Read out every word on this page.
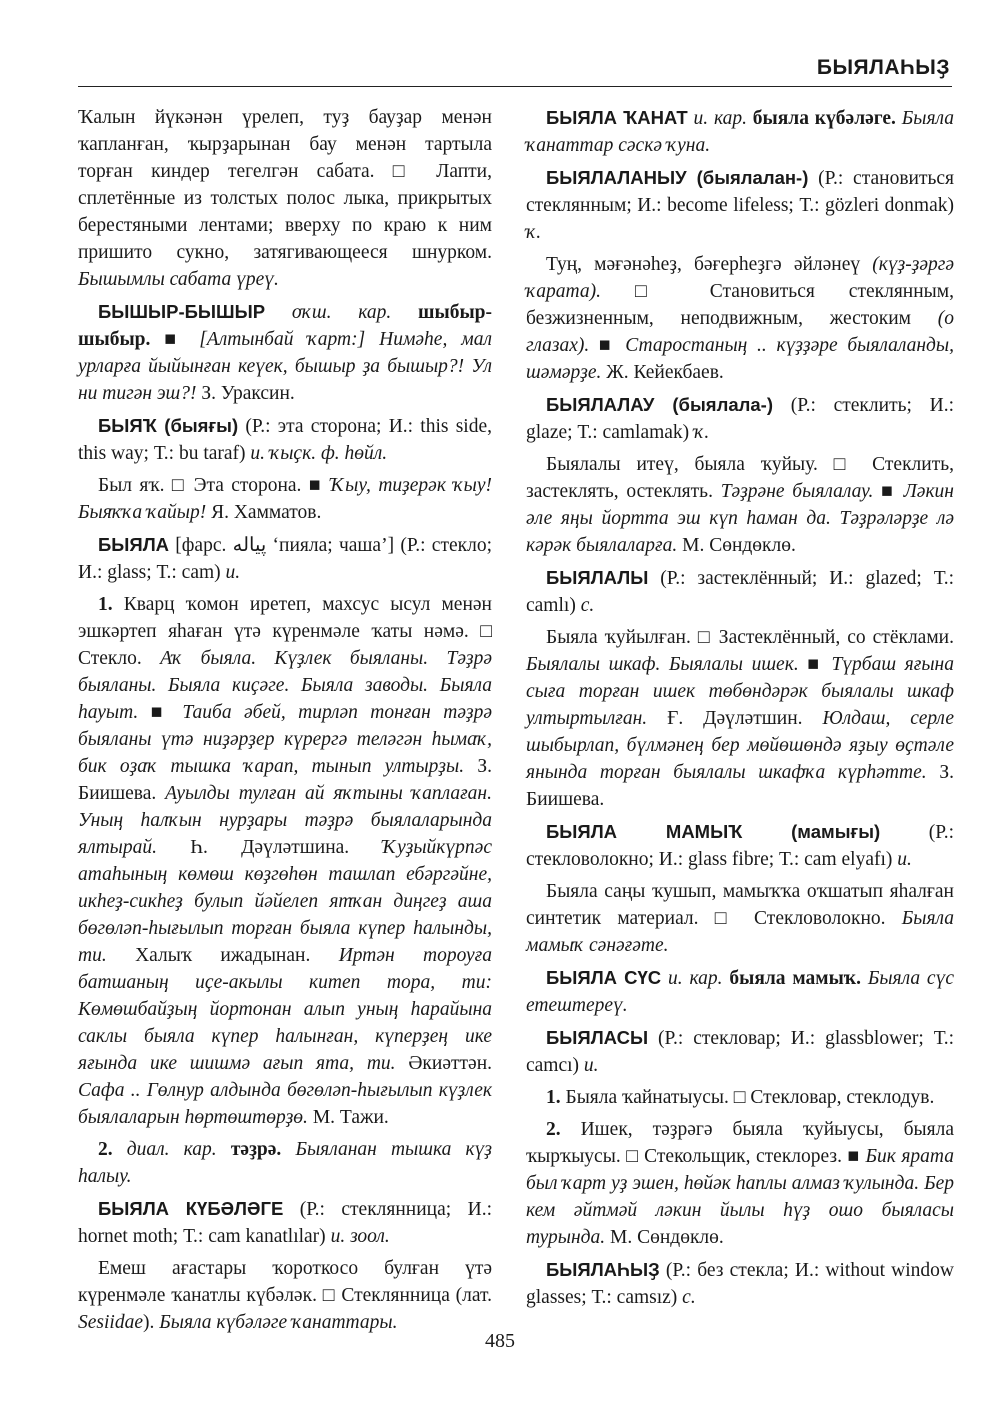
БЫЯЛАҺЫҘ

Ҡалын йүкәнән үрелеп, туҙ бауҙар менән ҡапланған, ҡырҙарынан бау менән тартыла торған киндер тегелгән сабата. □ Лапти, сплетённые из толстых полос лыка, прикрытых берестяными лентами; вверху по краю к ним пришито сукно, затягивающееся шнурком. Бышымлы сабата үреү.

БЫШЫР-БЫШЫР оҡш. кар. шыбыр-шыбыр. ■ [Алтынбай ҡарт:] Нимәһе, мал урларға йыйынған кеүек, бышыр ҙа бышыр?! Ул ни тигән эш?! З. Ураксин.

БЫЯҠ (быяғы) (Р.: эта сторона; И.: this side, this way; Т.: bu taraf) и. ҡыҫк. ф. һөйл.

Был яҡ. □ Эта сторона. ■ Ҡыу, тиҙерәк ҡыу! Быяҡҡа ҡайыр! Я. Хамматов.

БЫЯЛА [фарс. پیاله ‘пияла; чаша’] (Р.: стекло; И.: glass; Т.: cam) и.

1. Кварц ҡомон иретеп, махсус ысул менән эшкәртеп яһаған үтә күренмәле ҡаты нәмә. □ Стекло. Аҡ быяла. Күҙлек быяланы. Тәҙрә быяланы. Быяла киҫәге. Быяла заводы. Быяла һауыт. ■ Таиба әбей, тирләп тонған тәҙрә быяланы үтә ниҙәрҙер күрергә теләгән һымаҡ, бик оҙаҡ тышка ҡарап, тынып ултырҙы. З. Биишева. Ауылды тулған ай яҡтыны ҡаплаған. Уның һалҡын нурҙары тәҙрә быялаларында ялтырай. Һ. Дәүләтшина. Ҡуҙыйкүрпәс атаһының көмөш көҙгөһөн ташлап ебәргәйне, икһеҙ-сикһеҙ булып йәйелеп ятҡан диңгеҙ аша бөгөләп-һығылып торған быяла күпер һалынды, ти. Халыҡ ижадынан. Иртән тороуға батшаның иҫе-акылы китеп тора, ти: Көмөшбайҙың йортонан алып уның һарайына саклы быяла күпер һалынған, күперҙең ике яғында ике шишмә ағып ята, ти. Әкиәттән. Сафа .. Гөлнур алдында бөгөләп-һығылып күҙлек быялаларын һөртөштөрҙө. М. Тажи.

2. диал. кар. тәҙрә. Быяланан тышка күҙ һалыу.

БЫЯЛА КҮБӘЛӘГЕ (Р.: стеклянница; И.: hornet moth; Т.: cam kanatlılar) и. зоол.

Емеш ағастары ҡороткосо булған үтә күренмәле ҡанатлы күбәләк. □ Стеклянница (лат. Sesiidae). Быяла күбәләге ҡанаттары.

БЫЯЛА ҠАНАТ и. кар. быяла күбәләге. Быяла ҡанаттар сәскә ҡуна.

БЫЯЛАЛАНЫУ (быялалан-) (Р.: становиться стеклянным; И.: become lifeless; Т.: gözleri donmak) ҡ.

Туң, мәғәнәһеҙ, бәғерһеҙгә әйләнеү (күҙ-ҙәргә ҡарата). □ Становиться стеклянным, безжизненным, неподвижным, жестоким (о глазах). ■ Старостаның .. күҙҙәре быялаланды, шәмәрҙе. Ж. Кейекбаев.

БЫЯЛАЛАУ (быялала-) (Р.: стеклить; И.: glaze; Т.: camlamak) ҡ.

Быялалы итеү, быяла ҡуйыу. □ Стеклить, застеклять, остеклять. Тәҙрәне быялалау. ■ Ләкин әле яңы йортта эш күп һаман да. Тәҙрәләрҙе лә кәрәк быялаларға. М. Сөндөклө.

БЫЯЛАЛЫ (Р.: застеклённый; И.: glazed; Т.: camlı) с.

Быяла ҡуйылған. □ Застеклённый, со стёклами. Быялалы шкаф. Быялалы ишек. ■ Түрбаш яғына сыға торған ишек төбөндәрәк быялалы шкаф ултыртылған. Ғ. Дәүләтшин. Юлдаш, серле шыбырлап, бүлмәнең бер мөйөшөндә яҙыу өҫтәле янында торған быялалы шкафҡа күрһәтте. З. Биишева.

БЫЯЛА МАМЫҠ (мамығы) (Р.: стекловолокно; И.: glass fibre; Т.: cam elyafı) и.

Быяла саңы ҡушып, мамыҡҡа оҡшатып яһалған синтетик материал. □ Стекловолокно. Быяла мамыҡ сәнәғәте.

БЫЯЛА СҮС и. кар. быяла мамыҡ. Быяла сүс етештереү.

БЫЯЛАСЫ (Р.: стекловар; И.: glassblower; Т.: camcı) и.

1. Быяла ҡайнатыусы. □ Стекловар, стеклодув.

2. Ишек, тәҙрәгә быяла ҡуйыусы, быяла ҡырҡыусы. □ Стекольщик, стеклорез. ■ Бик ярата был ҡарт уҙ эшен, һөйәк һаплы алмаз ҡулында. Бер кем әйтмәй ләкин йылы һүҙ ошо быяласы турында. М. Сөндөклө.

БЫЯЛАҺЫҘ (Р.: без стекла; И.: without window glasses; Т.: camsız) с.

485
